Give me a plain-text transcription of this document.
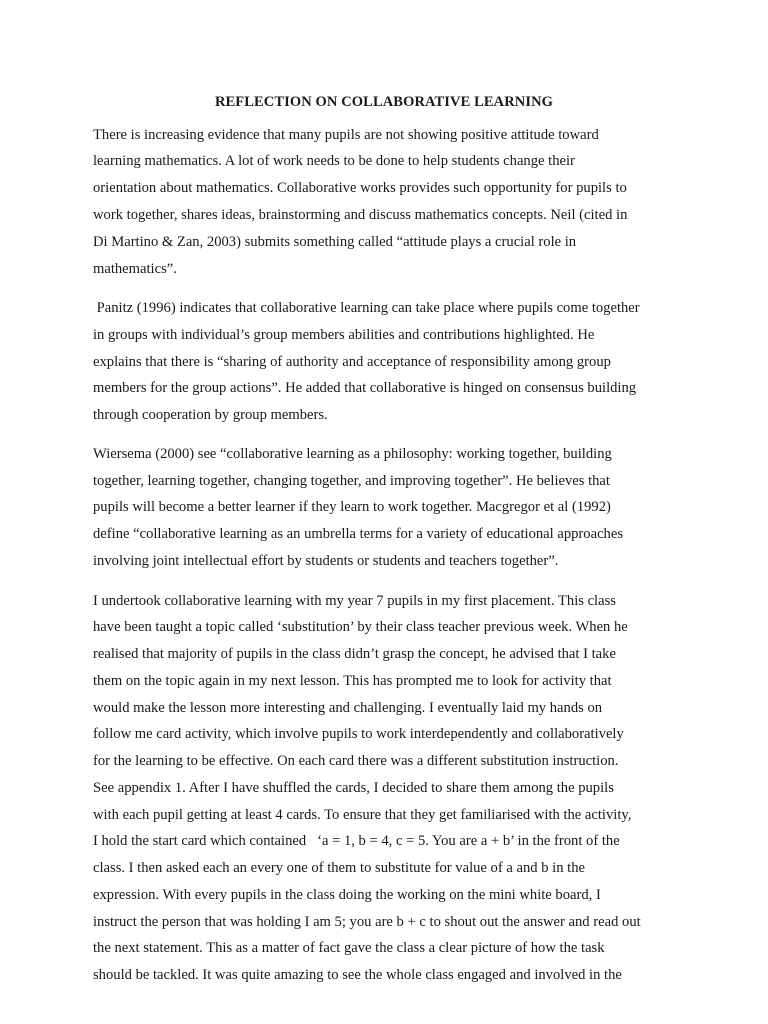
REFLECTION ON COLLABORATIVE LEARNING
There is increasing evidence that many pupils are not showing positive attitude toward
learning mathematics. A lot of work needs to be done to help students change their
orientation about mathematics. Collaborative works provides such opportunity for pupils to
work together, shares ideas, brainstorming and discuss mathematics concepts. Neil (cited in
Di Martino & Zan, 2003) submits something called “attitude plays a crucial role in
mathematics”.
Panitz (1996) indicates that collaborative learning can take place where pupils come together
in groups with individual’s group members abilities and contributions highlighted. He
explains that there is “sharing of authority and acceptance of responsibility among group
members for the group actions”. He added that collaborative is hinged on consensus building
through cooperation by group members.
Wiersema (2000) see “collaborative learning as a philosophy: working together, building
together, learning together, changing together, and improving together”. He believes that
pupils will become a better learner if they learn to work together. Macgregor et al (1992)
define “collaborative learning as an umbrella terms for a variety of educational approaches
involving joint intellectual effort by students or students and teachers together”.
I undertook collaborative learning with my year 7 pupils in my first placement. This class
have been taught a topic called ‘substitution’ by their class teacher previous week. When he
realised that majority of pupils in the class didn’t grasp the concept, he advised that I take
them on the topic again in my next lesson. This has prompted me to look for activity that
would make the lesson more interesting and challenging. I eventually laid my hands on
follow me card activity, which involve pupils to work interdependently and collaboratively
for the learning to be effective. On each card there was a different substitution instruction.
See appendix 1. After I have shuffled the cards, I decided to share them among the pupils
with each pupil getting at least 4 cards. To ensure that they get familiarised with the activity,
I hold the start card which contained   ‘a = 1, b = 4, c = 5. You are a + b’ in the front of the
class. I then asked each an every one of them to substitute for value of a and b in the
expression. With every pupils in the class doing the working on the mini white board, I
instruct the person that was holding I am 5; you are b + c to shout out the answer and read out
the next statement. This as a matter of fact gave the class a clear picture of how the task
should be tackled. It was quite amazing to see the whole class engaged and involved in the
